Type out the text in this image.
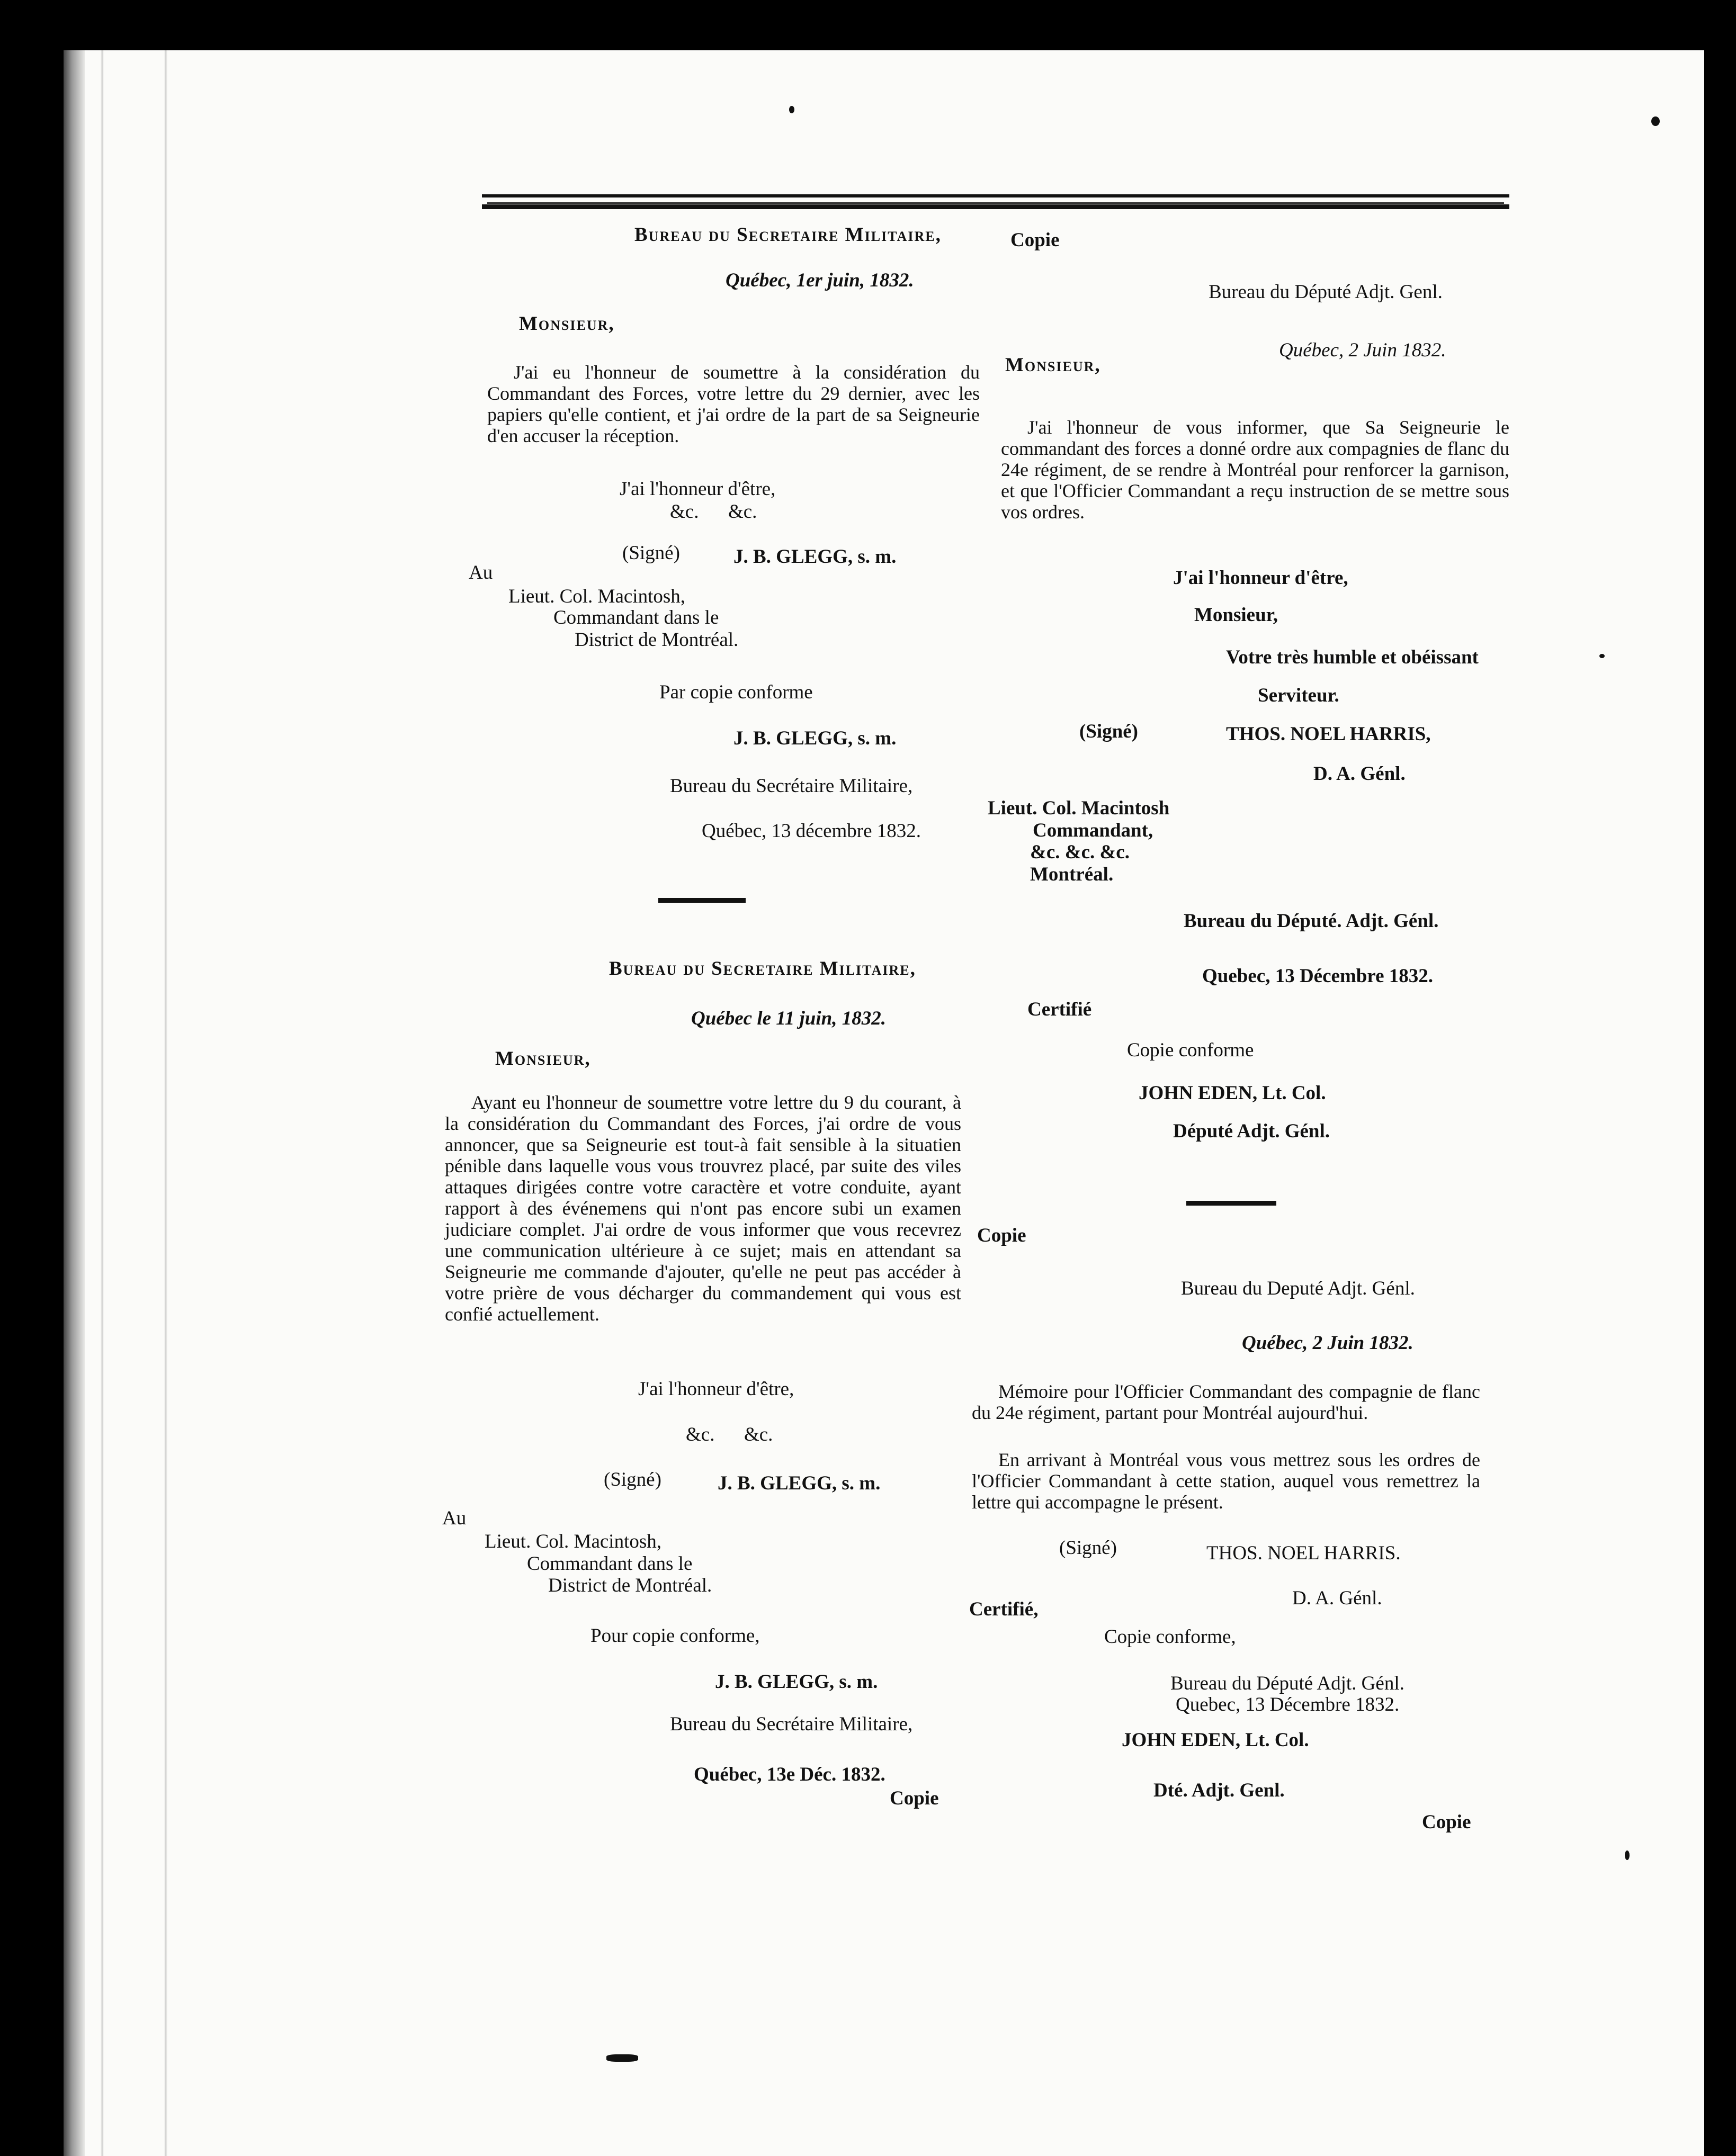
Bureau du Secretaire Militaire,
Québec, 1er juin, 1832.
Monsieur,
J'ai eu l'honneur de soumettre à la considération du Commandant des Forces, votre lettre du 29 dernier, avec les papiers qu'elle contient, et j'ai ordre de la part de sa Seigneurie d'en accuser la réception.
J'ai l'honneur d'être,
&c.      &c.
(Signé)	J. B. GLEGG, s. m.
Au
Lieut. Col. Macintosh,
Commandant dans le
District de Montréal.
Par copie conforme
J. B. GLEGG, s. m.
Bureau du Secrétaire Militaire,
Québec, 13 décembre 1832.
Bureau du Secretaire Militaire,
Québec le 11 juin, 1832.
Monsieur,
Ayant eu l'honneur de soumettre votre lettre du 9 du courant, à la considération du Commandant des Forces, j'ai ordre de vous annoncer, que sa Seigneurie est tout-à fait sensible à la situatien pénible dans laquelle vous vous trouvrez placé, par suite des viles attaques dirigées contre votre caractère et votre conduite, ayant rapport à des événemens qui n'ont pas encore subi un examen judiciare complet. J'ai ordre de vous informer que vous recevrez une communication ultérieure à ce sujet; mais en attendant sa Seigneurie me commande d'ajouter, qu'elle ne peut pas accéder à votre prière de vous décharger du commandement qui vous est confié actuellement.
J'ai l'honneur d'être,
&c.      &c.
(Signé)	J. B. GLEGG, s. m.
Au
Lieut. Col. Macintosh,
Commandant dans le
District de Montréal.
Pour copie conforme,
J. B. GLEGG, s. m.
Bureau du Secrétaire Militaire,
Québec, 13e Déc. 1832.
Copie
Copie
Bureau du Député Adjt. Genl.
Québec, 2 Juin 1832.
Monsieur,
J'ai l'honneur de vous informer, que Sa Seigneurie le commandant des forces a donné ordre aux compagnies de flanc du 24e régiment, de se rendre à Montréal pour renforcer la garnison, et que l'Officier Commandant a reçu instruction de se mettre sous vos ordres.
J'ai l'honneur d'être,
Monsieur,
Votre très humble et obéissant
Serviteur.
(Signé)	THOS. NOEL HARRIS,
D. A. Génl.
Lieut. Col. Macintosh
Commandant,
&c. &c. &c.
Montréal.
Bureau du Député. Adjt. Génl.
Quebec, 13 Décembre 1832.
Certifié
Copie conforme
JOHN EDEN, Lt. Col.
Député Adjt. Génl.
Copie
Bureau du Deputé Adjt. Génl.
Québec, 2 Juin 1832.
Mémoire pour l'Officier Commandant des compagnie de flanc du 24e régiment, partant pour Montréal aujourd'hui.
En arrivant à Montréal vous vous mettrez sous les ordres de l'Officier Commandant à cette station, auquel vous remettrez la lettre qui accompagne le présent.
(Signé)	THOS. NOEL HARRIS.
D. A. Génl.
Certifié,
Copie conforme,
Bureau du Député Adjt. Génl.
Quebec, 13 Décembre 1832.
JOHN EDEN, Lt. Col.
Dté. Adjt. Genl.
Copie
